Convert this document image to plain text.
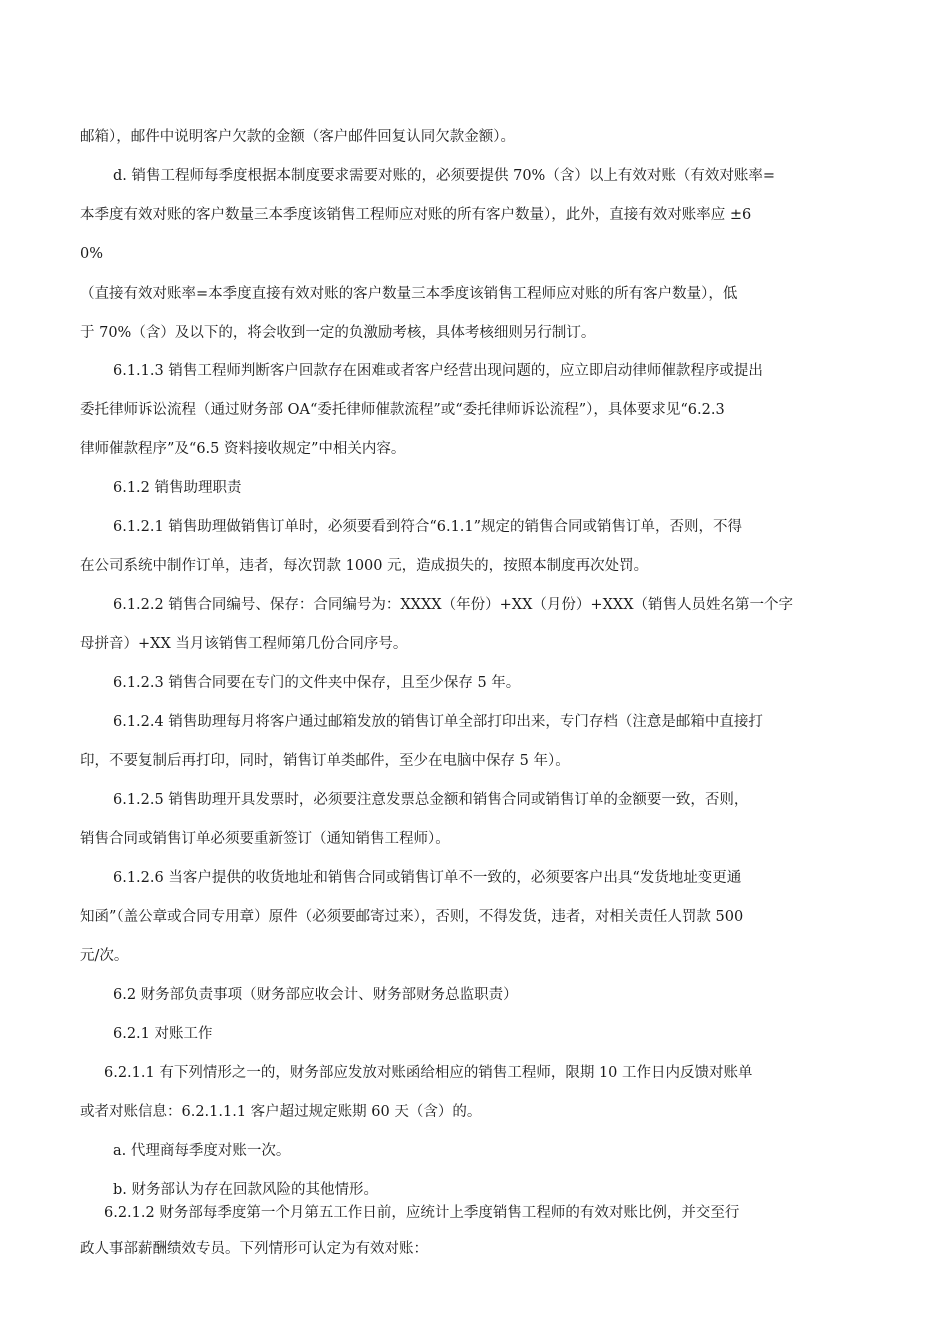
邮箱），邮件中说明客户欠款的金额（客户邮件回复认同欠款金额）。
d. 销售工程师每季度根据本制度要求需要对账的，必须要提供 70%（含）以上有效对账（有效对账率=
本季度有效对账的客户数量三本季度该销售工程师应对账的所有客户数量），此外，直接有效对账率应 ±6
0%
（直接有效对账率=本季度直接有效对账的客户数量三本季度该销售工程师应对账的所有客户数量），低
于 70%（含）及以下的，将会收到一定的负激励考核，具体考核细则另行制订。
6.1.1.3 销售工程师判断客户回款存在困难或者客户经营出现问题的，应立即启动律师催款程序或提出
委托律师诉讼流程（通过财务部 OA“委托律师催款流程”或“委托律师诉讼流程”），具体要求见“6.2.3
律师催款程序”及“6.5 资料接收规定”中相关内容。
6.1.2 销售助理职责
6.1.2.1 销售助理做销售订单时，必须要看到符合“6.1.1”规定的销售合同或销售订单，否则，不得
在公司系统中制作订单，违者，每次罚款 1000 元，造成损失的，按照本制度再次处罚。
6.1.2.2 销售合同编号、保存：合同编号为：XXXX（年份）+XX（月份）+XXX（销售人员姓名第一个字
母拼音）+XX 当月该销售工程师第几份合同序号。
6.1.2.3 销售合同要在专门的文件夹中保存，且至少保存 5 年。
6.1.2.4 销售助理每月将客户通过邮箱发放的销售订单全部打印出来，专门存档（注意是邮箱中直接打
印，不要复制后再打印，同时，销售订单类邮件，至少在电脑中保存 5 年）。
6.1.2.5 销售助理开具发票时，必须要注意发票总金额和销售合同或销售订单的金额要一致，否则，
销售合同或销售订单必须要重新签订（通知销售工程师）。
6.1.2.6 当客户提供的收货地址和销售合同或销售订单不一致的，必须要客户出具“发货地址变更通
知函”（盖公章或合同专用章）原件（必须要邮寄过来），否则，不得发货，违者，对相关责任人罚款 500
元/次。
6.2 财务部负责事项（财务部应收会计、财务部财务总监职责）
6.2.1 对账工作
6.2.1.1 有下列情形之一的，财务部应发放对账函给相应的销售工程师，限期 10 工作日内反馈对账单
或者对账信息：6.2.1.1.1 客户超过规定账期 60 天（含）的。
a. 代理商每季度对账一次。
b. 财务部认为存在回款风险的其他情形。
6.2.1.2 财务部每季度第一个月第五工作日前，应统计上季度销售工程师的有效对账比例，并交至行
政人事部薪酬绩效专员。下列情形可认定为有效对账：
